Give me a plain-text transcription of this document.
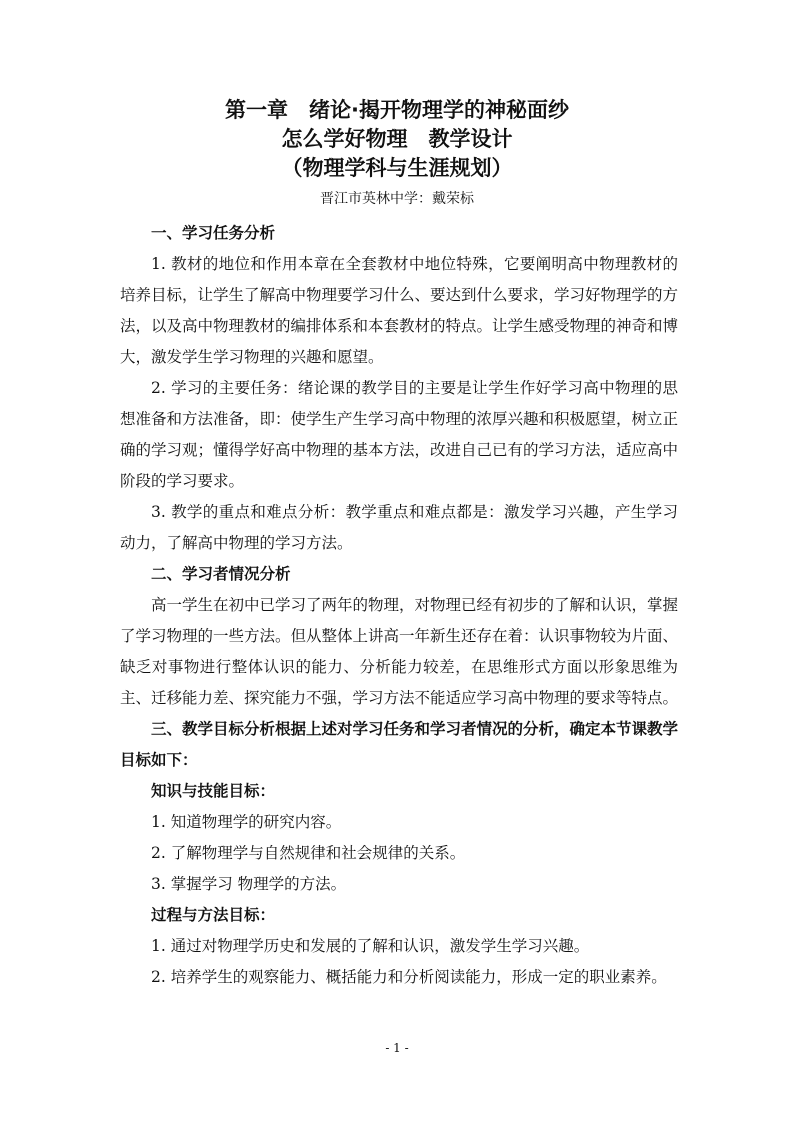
第一章　绪论·揭开物理学的神秘面纱
怎么学好物理　教学设计
（物理学科与生涯规划）
晋江市英林中学：戴荣标

一、学习任务分析

1. 教材的地位和作用本章在全套教材中地位特殊，它要阐明高中物理教材的培养目标，让学生了解高中物理要学习什么、要达到什么要求，学习好物理学的方法，以及高中物理教材的编排体系和本套教材的特点。让学生感受物理的神奇和博大，激发学生学习物理的兴趣和愿望。

2. 学习的主要任务：绪论课的教学目的主要是让学生作好学习高中物理的思想准备和方法准备，即：使学生产生学习高中物理的浓厚兴趣和积极愿望，树立正确的学习观；懂得学好高中物理的基本方法，改进自己已有的学习方法，适应高中阶段的学习要求。

3. 教学的重点和难点分析：教学重点和难点都是：激发学习兴趣，产生学习动力，了解高中物理的学习方法。

二、学习者情况分析

高一学生在初中已学习了两年的物理，对物理已经有初步的了解和认识，掌握了学习物理的一些方法。但从整体上讲高一年新生还存在着：认识事物较为片面、缺乏对事物进行整体认识的能力、分析能力较差，在思维形式方面以形象思维为主、迁移能力差、探究能力不强，学习方法不能适应学习高中物理的要求等特点。

三、教学目标分析根据上述对学习任务和学习者情况的分析，确定本节课教学目标如下：

知识与技能目标：

1. 知道物理学的研究内容。

2. 了解物理学与自然规律和社会规律的关系。

3. 掌握学习 物理学的方法。

过程与方法目标：

1. 通过对物理学历史和发展的了解和认识，激发学生学习兴趣。

2. 培养学生的观察能力、概括能力和分析阅读能力，形成一定的职业素养。

- 1 -
